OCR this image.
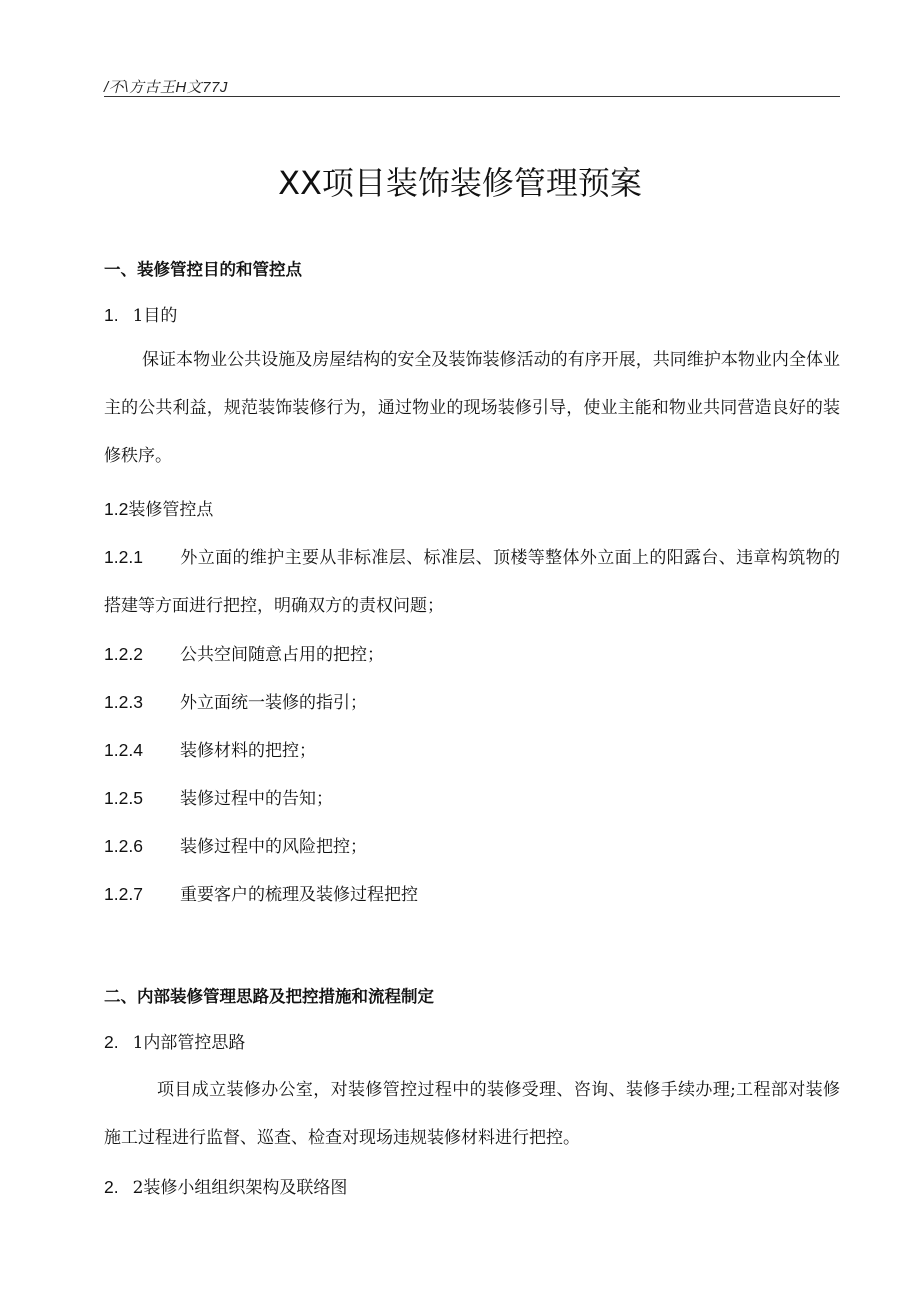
/不\方古王H文77J
XX项目装饰装修管理预案
一、装修管控目的和管控点
1. 1目的

保证本物业公共设施及房屋结构的安全及装饰装修活动的有序开展，共同维护本物业内全体业主的公共利益，规范装饰装修行为，通过物业的现场装修引导，使业主能和物业共同营造良好的装修秩序。

1.2装修管控点

1.2.1 外立面的维护主要从非标准层、标准层、顶楼等整体外立面上的阳露台、违章构筑物的搭建等方面进行把控，明确双方的责权问题；

1.2.2 公共空间随意占用的把控；
1.2.3 外立面统一装修的指引；
1.2.4 装修材料的把控；
1.2.5 装修过程中的告知；
1.2.6 装修过程中的风险把控；
1.2.7 重要客户的梳理及装修过程把控
二、内部装修管理思路及把控措施和流程制定
2. 1内部管控思路

项目成立装修办公室，对装修管控过程中的装修受理、咨询、装修手续办理;工程部对装修施工过程进行监督、巡查、检查对现场违规装修材料进行把控。

2. 2装修小组组织架构及联络图
